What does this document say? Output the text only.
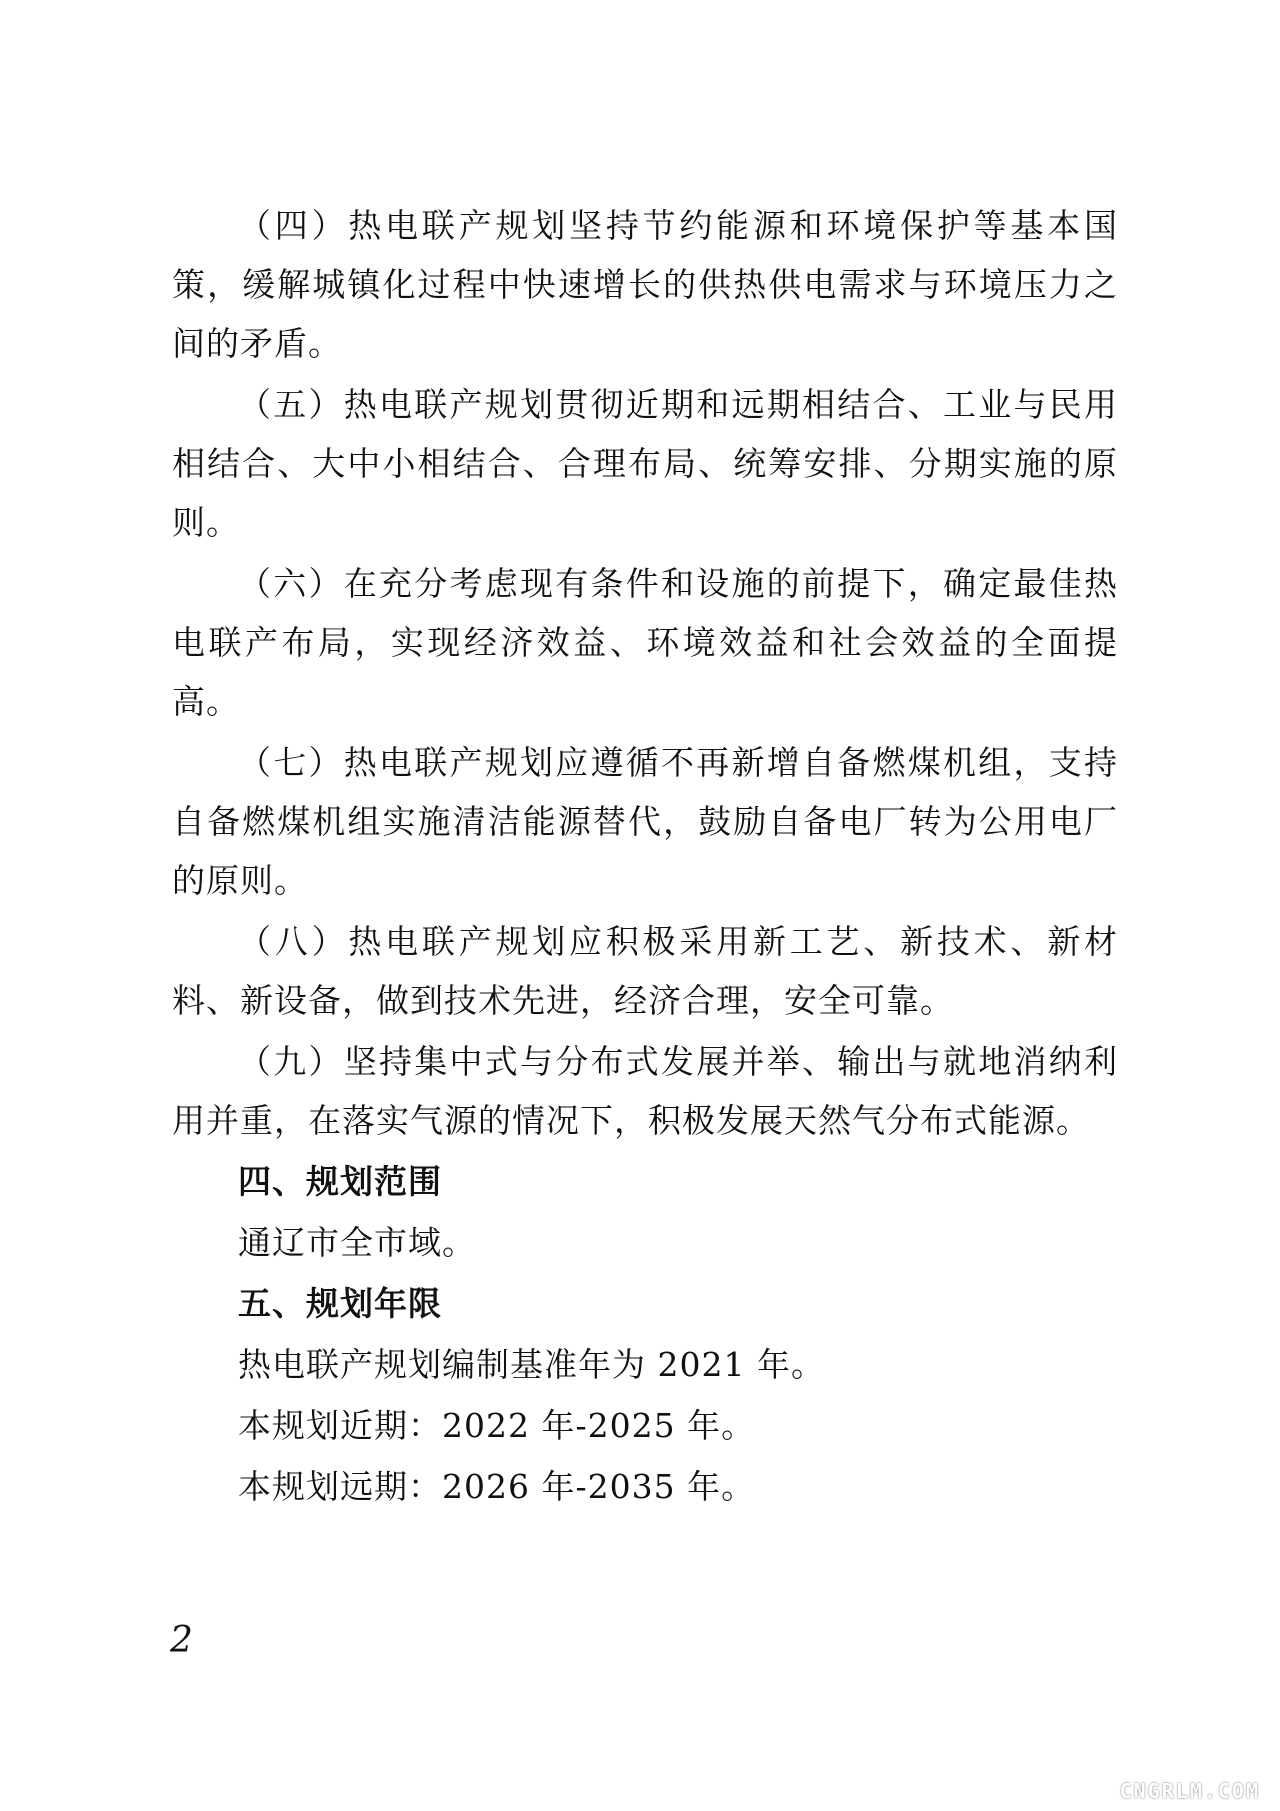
（四）热电联产规划坚持节约能源和环境保护等基本国策，缓解城镇化过程中快速增长的供热供电需求与环境压力之间的矛盾。

（五）热电联产规划贯彻近期和远期相结合、工业与民用相结合、大中小相结合、合理布局、统筹安排、分期实施的原则。

（六）在充分考虑现有条件和设施的前提下，确定最佳热电联产布局，实现经济效益、环境效益和社会效益的全面提高。

（七）热电联产规划应遵循不再新增自备燃煤机组，支持自备燃煤机组实施清洁能源替代，鼓励自备电厂转为公用电厂的原则。

（八）热电联产规划应积极采用新工艺、新技术、新材料、新设备，做到技术先进，经济合理，安全可靠。

（九）坚持集中式与分布式发展并举、输出与就地消纳利用并重，在落实气源的情况下，积极发展天然气分布式能源。

四、规划范围

通辽市全市域。

五、规划年限

热电联产规划编制基准年为 2021 年。

本规划近期：2022 年-2025 年。

本规划远期：2026 年-2035 年。

2
CNGRLM.COM
